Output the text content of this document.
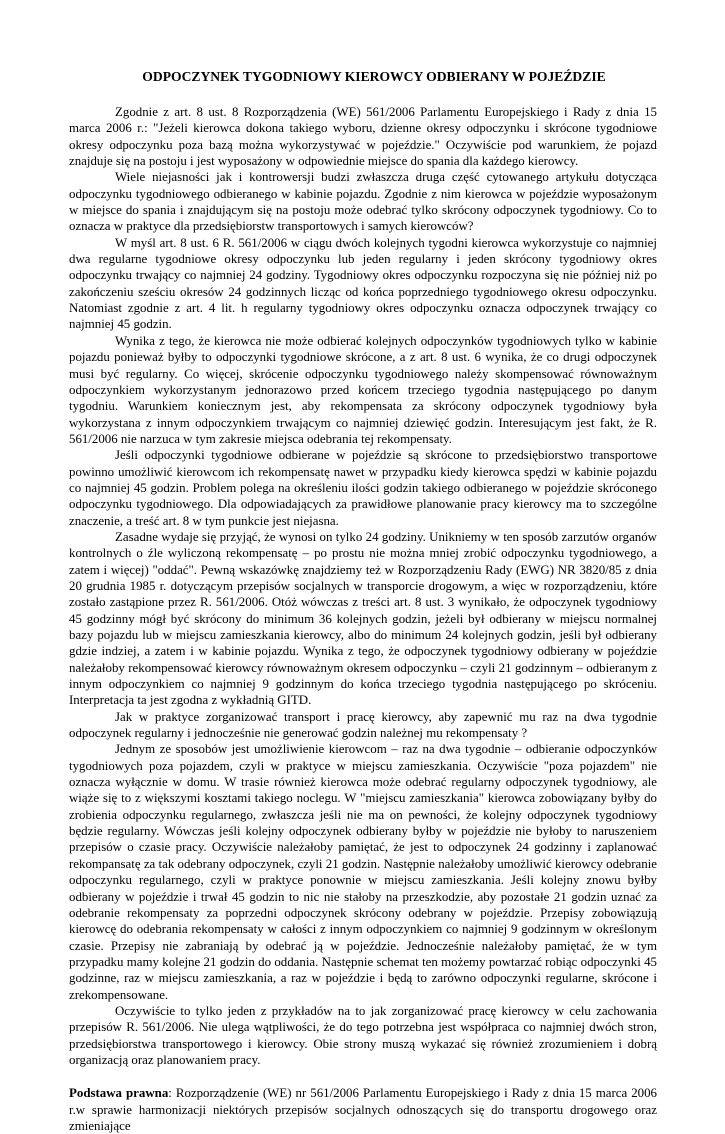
ODPOCZYNEK TYGODNIOWY KIEROWCY ODBIERANY W POJEŹDZIE

Zgodnie z art. 8 ust. 8 Rozporządzenia (WE) 561/2006 Parlamentu Europejskiego i Rady z dnia 15 marca 2006 r.: "Jeżeli kierowca dokona takiego wyboru, dzienne okresy odpoczynku i skrócone tygodniowe okresy odpoczynku poza bazą można wykorzystywać w pojeździe." Oczywiście pod warunkiem, że pojazd znajduje się na postoju i jest wyposażony w odpowiednie miejsce do spania dla każdego kierowcy.

Wiele niejasności jak i kontrowersji budzi zwłaszcza druga część cytowanego artykułu dotycząca odpoczynku tygodniowego odbieranego w kabinie pojazdu. Zgodnie z nim kierowca w pojeździe wyposażonym w miejsce do spania i znajdującym się na postoju może odebrać tylko skrócony odpoczynek tygodniowy. Co to oznacza w praktyce dla przedsiębiorstw transportowych i samych kierowców?

W myśl art. 8 ust. 6 R. 561/2006 w ciągu dwóch kolejnych tygodni kierowca wykorzystuje co najmniej dwa regularne tygodniowe okresy odpoczynku lub jeden regularny i jeden skrócony tygodniowy okres odpoczynku trwający co najmniej 24 godziny. Tygodniowy okres odpoczynku rozpoczyna się nie później niż po zakończeniu sześciu okresów 24 godzinnych licząc od końca poprzedniego tygodniowego okresu odpoczynku. Natomiast zgodnie z art. 4 lit. h regularny tygodniowy okres odpoczynku oznacza odpoczynek trwający co najmniej 45 godzin.

Wynika z tego, że kierowca nie może odbierać kolejnych odpoczynków tygodniowych tylko w kabinie pojazdu ponieważ byłby to odpoczynki tygodniowe skrócone, a z art. 8 ust. 6 wynika, że co drugi odpoczynek musi być regularny. Co więcej, skrócenie odpoczynku tygodniowego należy skompensować równoważnym odpoczynkiem wykorzystanym jednorazowo przed końcem trzeciego tygodnia następującego po danym tygodniu. Warunkiem koniecznym jest, aby rekompensata za skrócony odpoczynek tygodniowy była wykorzystana z innym odpoczynkiem trwającym co najmniej dziewięć godzin. Interesującym jest fakt, że R. 561/2006 nie narzuca w tym zakresie miejsca odebrania tej rekompensaty.

Jeśli odpoczynki tygodniowe odbierane w pojeździe są skrócone to przedsiębiorstwo transportowe powinno umożliwić kierowcom ich rekompensatę nawet w przypadku kiedy kierowca spędzi w kabinie pojazdu co najmniej 45 godzin. Problem polega na określeniu ilości godzin takiego odbieranego w pojeździe skróconego odpoczynku tygodniowego. Dla odpowiadających za prawidłowe planowanie pracy kierowcy ma to szczególne znaczenie, a treść art. 8 w tym punkcie jest niejasna.

Zasadne wydaje się przyjąć, że wynosi on tylko 24 godziny. Unikniemy w ten sposób zarzutów organów kontrolnych o źle wyliczoną rekompensatę – po prostu nie można mniej zrobić odpoczynku tygodniowego, a zatem i więcej) "oddać". Pewną wskazówkę znajdziemy też w Rozporządzeniu Rady (EWG) NR 3820/85 z dnia 20 grudnia 1985 r. dotyczącym przepisów socjalnych w transporcie drogowym, a więc w rozporządzeniu, które zostało zastąpione przez R. 561/2006. Otóż wówczas z treści art. 8 ust. 3 wynikało, że odpoczynek tygodniowy 45 godzinny mógł być skrócony do minimum 36 kolejnych godzin, jeżeli był odbierany w miejscu normalnej bazy pojazdu lub w miejscu zamieszkania kierowcy, albo do minimum 24 kolejnych godzin, jeśli był odbierany gdzie indziej, a zatem i w kabinie pojazdu. Wynika z tego, że odpoczynek tygodniowy odbierany w pojeździe należałoby rekompensować kierowcy równoważnym okresem odpoczynku – czyli 21 godzinnym – odbieranym z innym odpoczynkiem co najmniej 9 godzinnym do końca trzeciego tygodnia następującego po skróceniu. Interpretacja ta jest zgodna z wykładnią GITD.

Jak w praktyce zorganizować transport i pracę kierowcy, aby zapewnić mu raz na dwa tygodnie odpoczynek regularny i jednocześnie nie generować godzin należnej mu rekompensaty ?

Jednym ze sposobów jest umożliwienie kierowcom – raz na dwa tygodnie – odbieranie odpoczynków tygodniowych poza pojazdem, czyli w praktyce w miejscu zamieszkania. Oczywiście "poza pojazdem" nie oznacza wyłącznie w domu. W trasie również kierowca może odebrać regularny odpoczynek tygodniowy, ale wiąże się to z większymi kosztami takiego noclegu. W "miejscu zamieszkania" kierowca zobowiązany byłby do zrobienia odpoczynku regularnego, zwłaszcza jeśli nie ma on pewności, że kolejny odpoczynek tygodniowy będzie regularny. Wówczas jeśli kolejny odpoczynek odbierany byłby w pojeździe nie byłoby to naruszeniem przepisów o czasie pracy. Oczywiście należałoby pamiętać, że jest to odpoczynek 24 godzinny i zaplanować rekompansatę za tak odebrany odpoczynek, czyli 21 godzin. Następnie należałoby umożliwić kierowcy odebranie odpoczynku regularnego, czyli w praktyce ponownie w miejscu zamieszkania. Jeśli kolejny znowu byłby odbierany w pojeździe i trwał 45 godzin to nic nie stałoby na przeszkodzie, aby pozostałe 21 godzin uznać za odebranie rekompensaty za poprzedni odpoczynek skrócony odebrany w pojeździe. Przepisy zobowiązują kierowcę do odebrania rekompensaty w całości z innym odpoczynkiem co najmniej 9 godzinnym w określonym czasie. Przepisy nie zabraniają by odebrać ją w pojeździe. Jednocześnie należałoby pamiętać, że w tym przypadku mamy kolejne 21 godzin do oddania. Następnie schemat ten możemy powtarzać robiąc odpoczynki 45 godzinne, raz w miejscu zamieszkania, a raz w pojeździe i będą to zarówno odpoczynki regularne, skrócone i zrekompensowane.

Oczywiście to tylko jeden z przykładów na to jak zorganizować pracę kierowcy w celu zachowania przepisów R. 561/2006. Nie ulega wątpliwości, że do tego potrzebna jest współpraca co najmniej dwóch stron, przedsiębiorstwa transportowego i kierowcy. Obie strony muszą wykazać się również zrozumieniem i dobrą organizacją oraz planowaniem pracy.

Podstawa prawna: Rozporządzenie (WE) nr 561/2006 Parlamentu Europejskiego i Rady z dnia 15 marca 2006 r.w sprawie harmonizacji niektórych przepisów socjalnych odnoszących się do transportu drogowego oraz zmieniające
